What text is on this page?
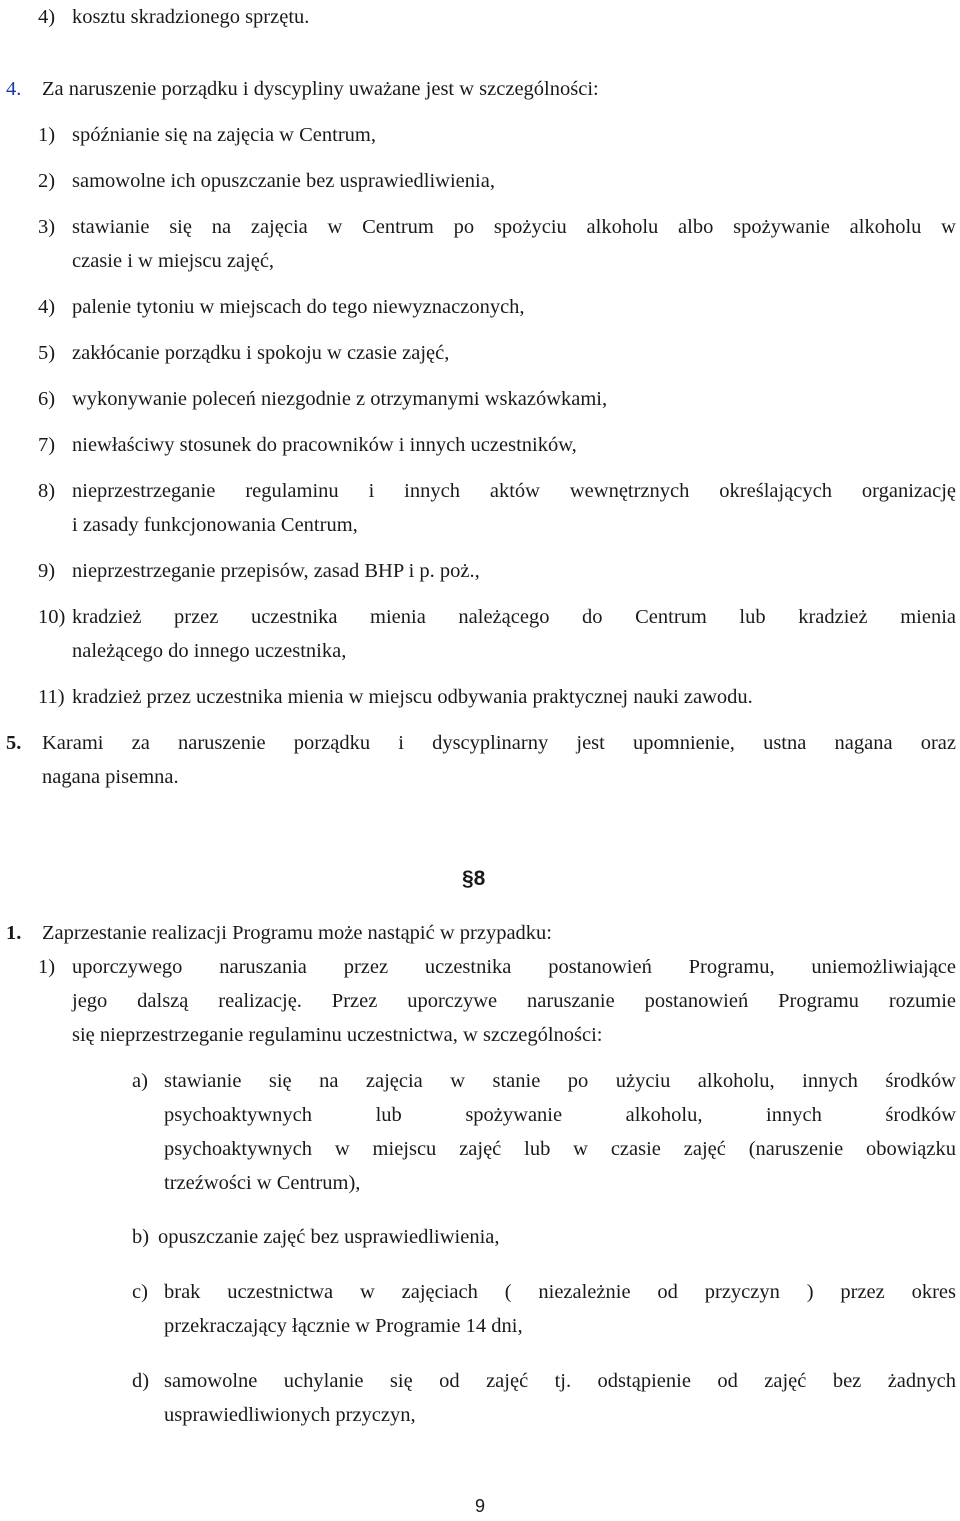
4) kosztu skradzionego sprzętu.
4. Za naruszenie porządku i dyscypliny uważane jest w szczególności:
1) spóźnianie się na zajęcia w Centrum,
2) samowolne ich opuszczanie bez usprawiedliwienia,
3) stawianie się na zajęcia w Centrum po spożyciu alkoholu albo spożywanie alkoholu w
czasie i w miejscu zajęć,
4) palenie tytoniu w miejscach do tego niewyznaczonych,
5) zakłócanie porządku i spokoju w czasie zajęć,
6) wykonywanie poleceń niezgodnie z otrzymanymi wskazówkami,
7) niewłaściwy stosunek do pracowników i innych uczestników,
8) nieprzestrzeganie regulaminu i innych aktów wewnętrznych określających organizację
i zasady funkcjonowania Centrum,
9) nieprzestrzeganie przepisów, zasad BHP i p. poż.,
10) kradzież przez uczestnika mienia należącego do Centrum lub kradzież mienia
należącego do innego uczestnika,
11) kradzież przez uczestnika mienia w miejscu odbywania praktycznej nauki zawodu.
5. Karami za naruszenie porządku i dyscyplinarny jest upomnienie, ustna nagana oraz
nagana pisemna.
§8
1. Zaprzestanie realizacji Programu może nastąpić w przypadku:
1) uporczywego naruszania przez uczestnika postanowień Programu, uniemożliwiające
jego dalszą realizację. Przez uporczywe naruszanie postanowień Programu rozumie
się nieprzestrzeganie regulaminu uczestnictwa, w szczególności:
a) stawianie się na zajęcia w stanie po użyciu alkoholu, innych środków
psychoaktywnych lub spożywanie alkoholu, innych środków
psychoaktywnych w miejscu zajęć lub w czasie zajęć (naruszenie obowiązku
trzeźwości w Centrum),
b) opuszczanie zajęć bez usprawiedliwienia,
c) brak uczestnictwa w zajęciach ( niezależnie od przyczyn ) przez okres
przekraczający łącznie w Programie 14 dni,
d) samowolne uchylanie się od zajęć tj. odstąpienie od zajęć bez żadnych
usprawiedliwionych przyczyn,
9
